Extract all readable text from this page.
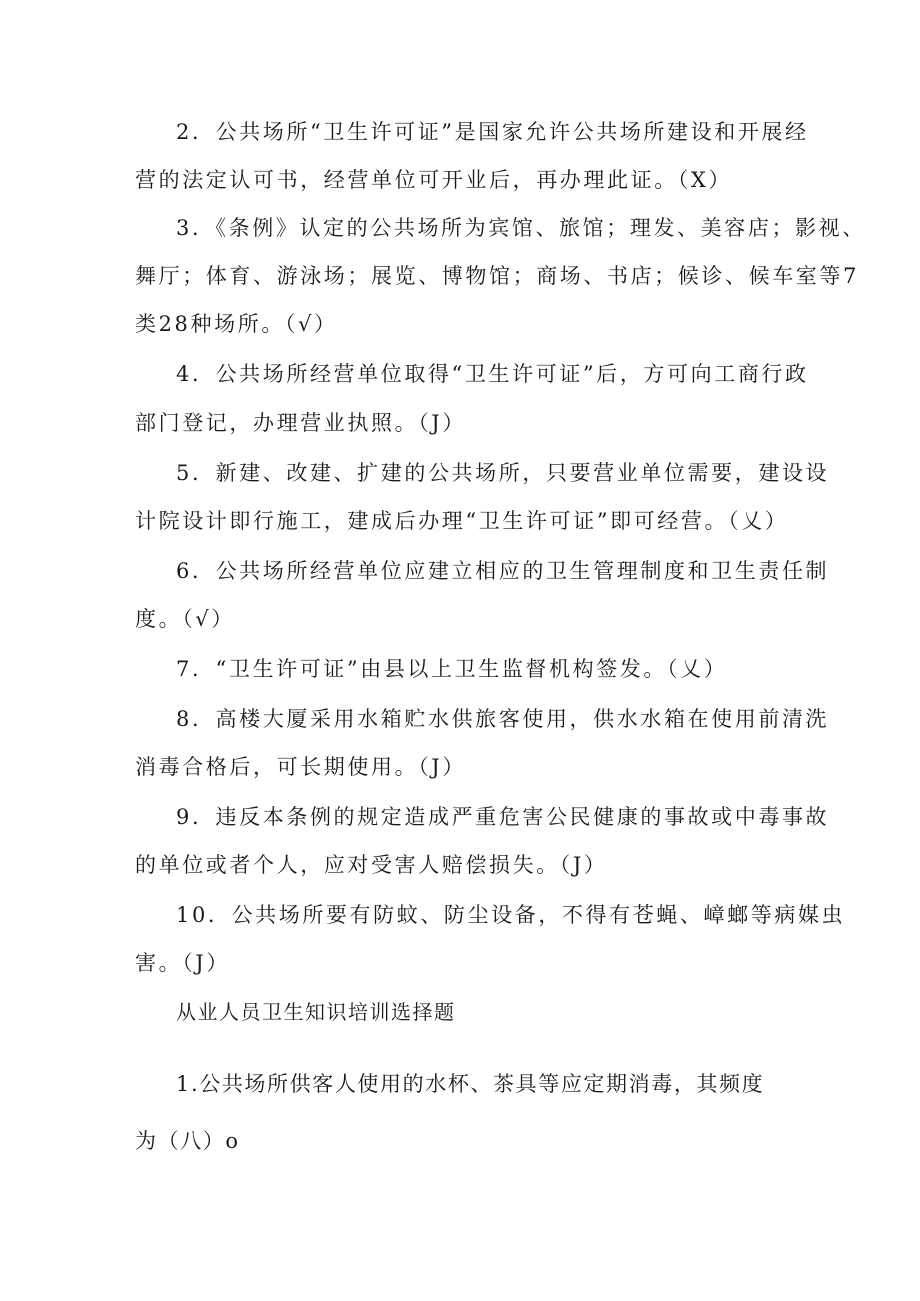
2．公共场所“卫生许可证”是国家允许公共场所建设和开展经
营的法定认可书，经营单位可开业后，再办理此证。（X）
3．《条例》认定的公共场所为宾馆、旅馆；理发、美容店；影视、
舞厅；体育、游泳场；展览、博物馆；商场、书店；候诊、候车室等7
类28种场所。（√）
4．公共场所经营单位取得“卫生许可证”后，方可向工商行政
部门登记，办理营业执照。（J）
5．新建、改建、扩建的公共场所，只要营业单位需要，建设设
计院设计即行施工，建成后办理“卫生许可证”即可经营。（乂）
6．公共场所经营单位应建立相应的卫生管理制度和卫生责任制
度。（√）
7．“卫生许可证”由县以上卫生监督机构签发。（乂）
8．高楼大厦采用水箱贮水供旅客使用，供水水箱在使用前清洗
消毒合格后，可长期使用。（J）
9．违反本条例的规定造成严重危害公民健康的事故或中毒事故
的单位或者个人，应对受害人赔偿损失。（J）
10．公共场所要有防蚊、防尘设备，不得有苍蝇、嶂螂等病媒虫
害。（J）
从业人员卫生知识培训选择题
1.公共场所供客人使用的水杯、茶具等应定期消毒，其频度
为（八）o
